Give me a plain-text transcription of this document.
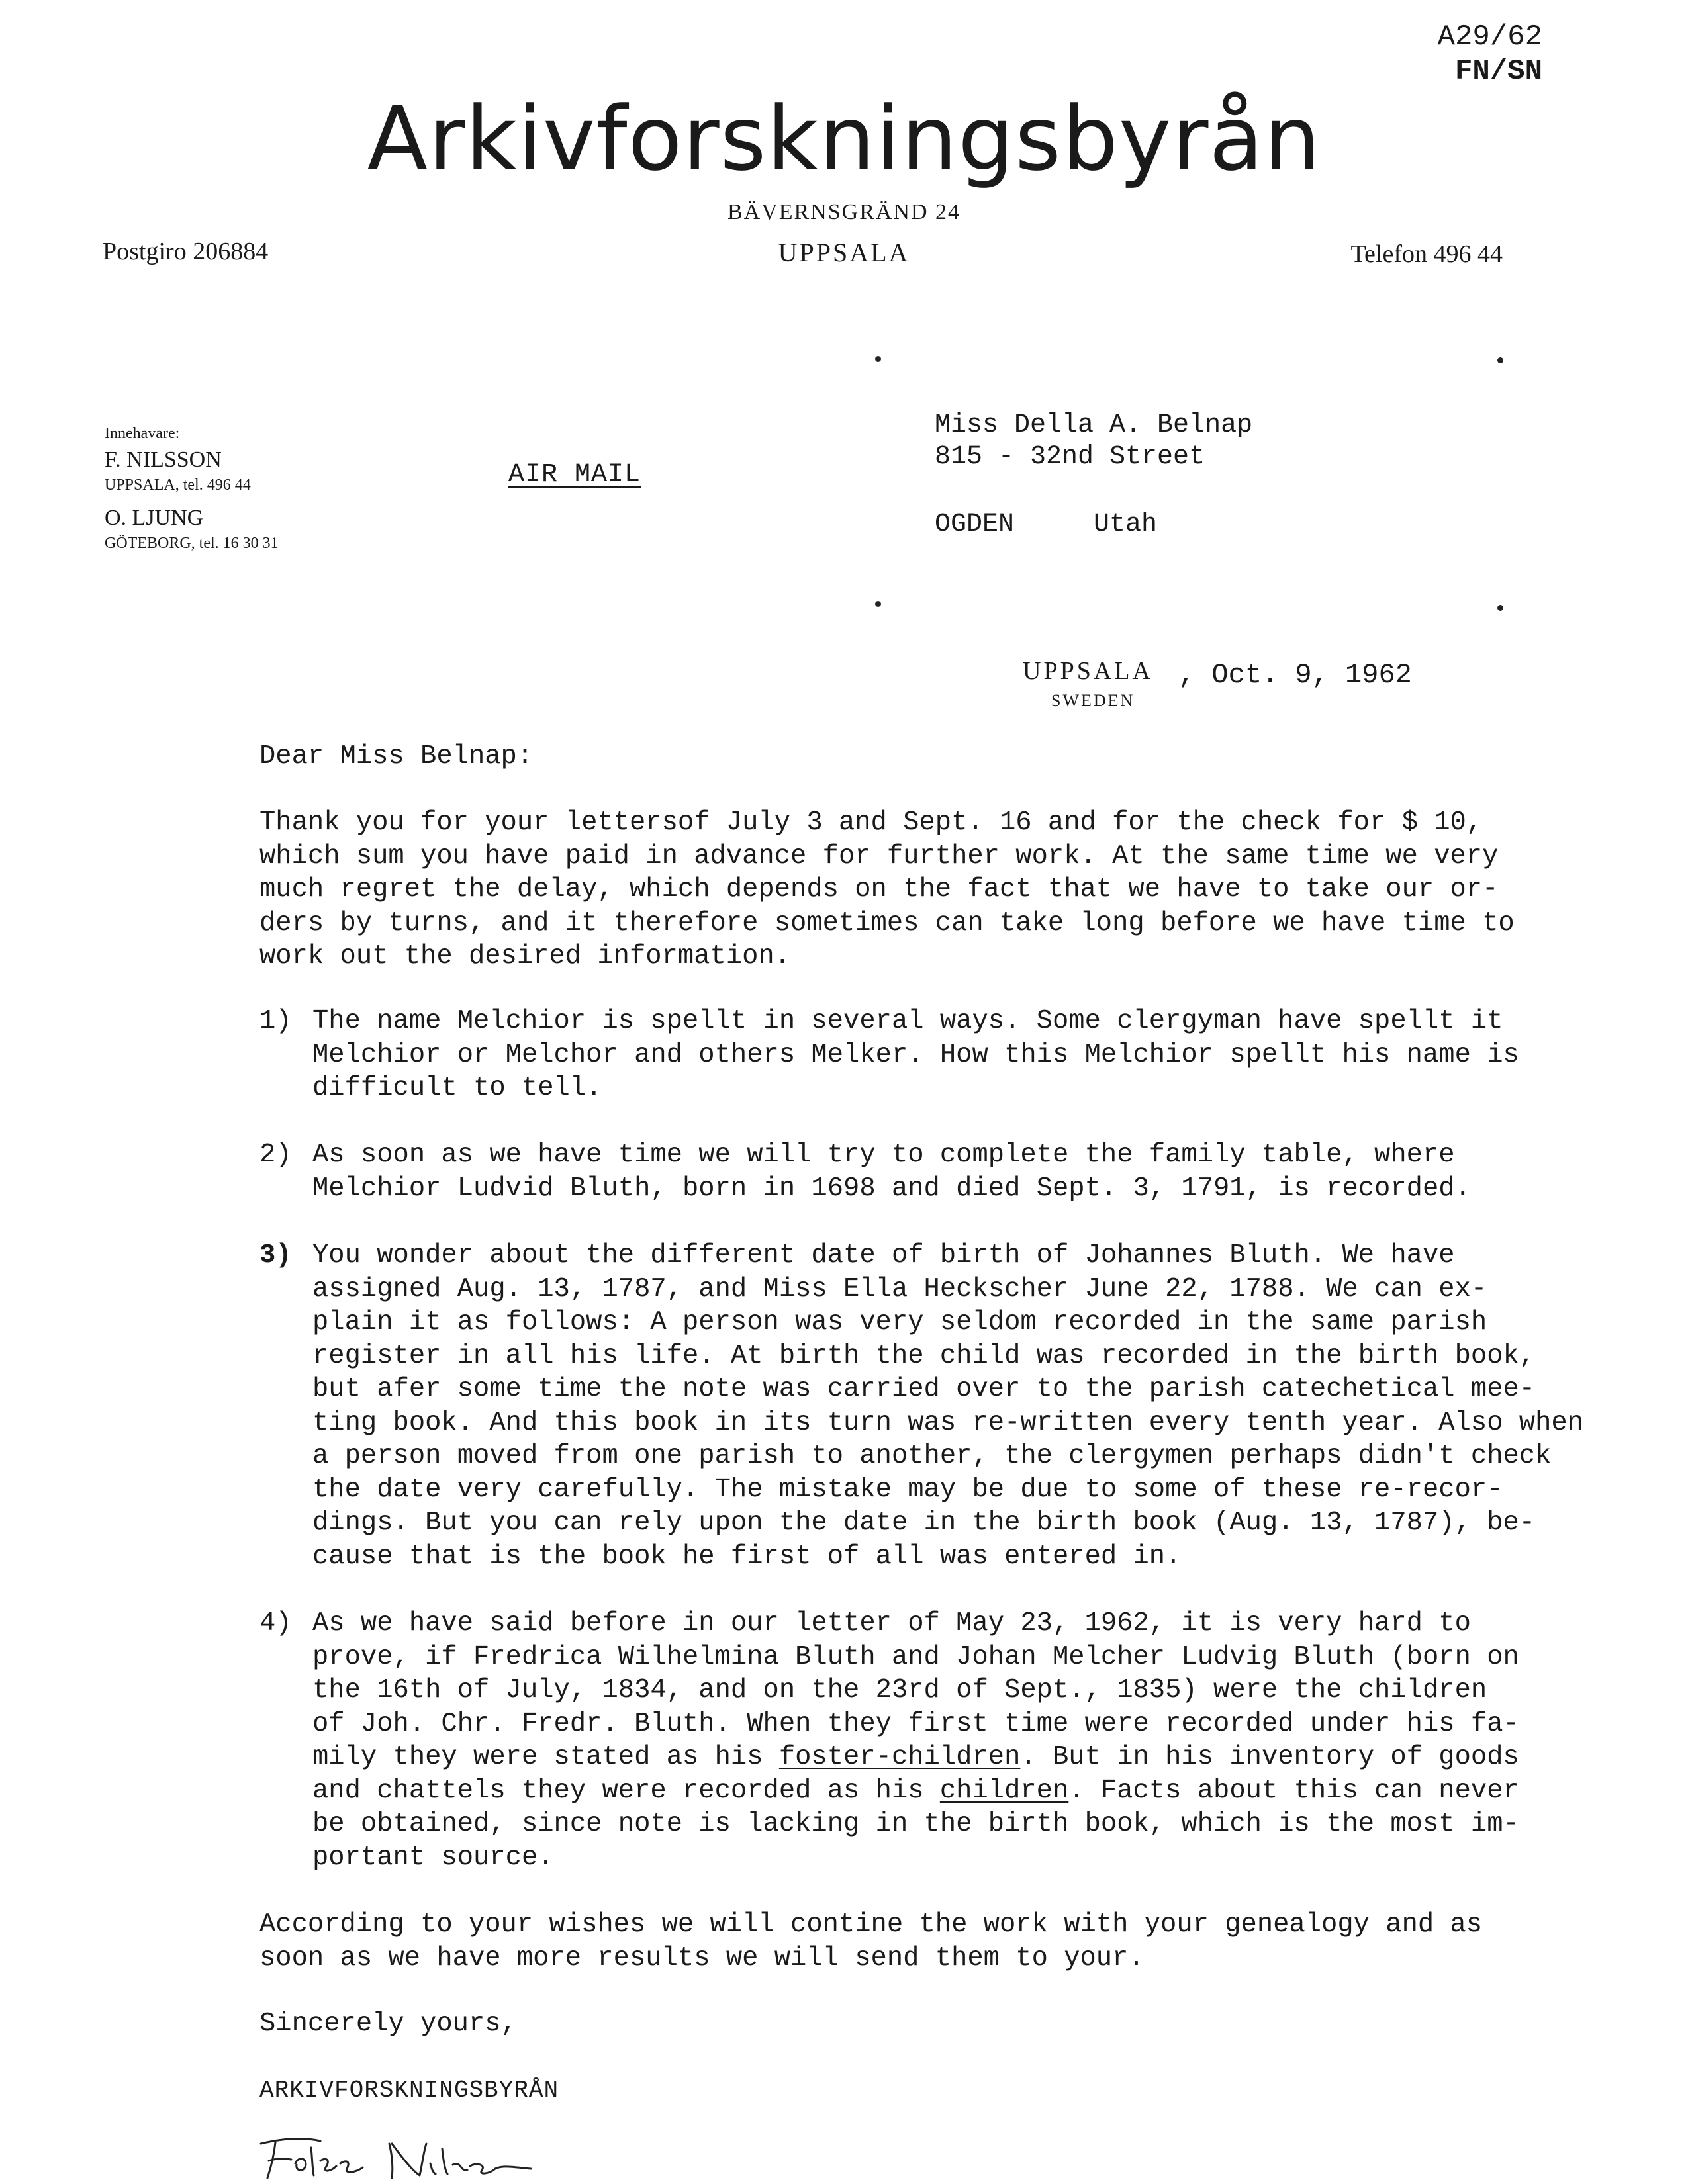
A29/62
FN/SN
Arkivforskningsbyrån
BÄVERNSGRÄND 24
UPPSALA
Postgiro 206884	Telefon 496 44
Innehavare:
F. NILSSON
UPPSALA, tel. 496 44
O. LJUNG
GÖTEBORG, tel. 16 30 31
AIR MAIL
Miss Della A. Belnap
815 - 32nd Street
OGDEN	Utah
UPPSALA
SWEDEN
, Oct. 9, 1962
Dear Miss Belnap:
Thank you for your lettersof July 3 and Sept. 16 and for the check for $ 10,
which sum you have paid in advance for further work. At the same time we very
much regret the delay, which depends on the fact that we have to take our or-
ders by turns, and it therefore sometimes can take long before we have time to
work out the desired information.
1) The name Melchior is spellt in several ways. Some clergyman have spellt it
Melchior or Melchor and others Melker. How this Melchior spellt his name is
difficult to tell.
2) As soon as we have time we will try to complete the family table, where
Melchior Ludvid Bluth, born in 1698 and died Sept. 3, 1791, is recorded.
3) You wonder about the different date of birth of Johannes Bluth. We have
assigned Aug. 13, 1787, and Miss Ella Heckscher June 22, 1788. We can ex-
plain it as follows: A person was very seldom recorded in the same parish
register in all his life. At birth the child was recorded in the birth book,
but afer some time the note was carried over to the parish catechetical mee-
ting book. And this book in its turn was re-written every tenth year. Also when
a person moved from one parish to another, the clergymen perhaps didn't check
the date very carefully. The mistake may be due to some of these re-recor-
dings. But you can rely upon the date in the birth book (Aug. 13, 1787), be-
cause that is the book he first of all was entered in.
4) As we have said before in our letter of May 23, 1962, it is very hard to
prove, if Fredrica Wilhelmina Bluth and Johan Melcher Ludvig Bluth (born on
the 16th of July, 1834, and on the 23rd of Sept., 1835) were the children
of Joh. Chr. Fredr. Bluth. When they first time were recorded under his fa-
mily they were stated as his foster-children. But in his inventory of goods
and chattels they were recorded as his children. Facts about this can never
be obtained, since note is lacking in the birth book, which is the most im-
portant source.
According to your wishes we will contine the work with your genealogy and as
soon as we have more results we will send them to your.
Sincerely yours,
ARKIVFORSKNINGSBYRÅN
